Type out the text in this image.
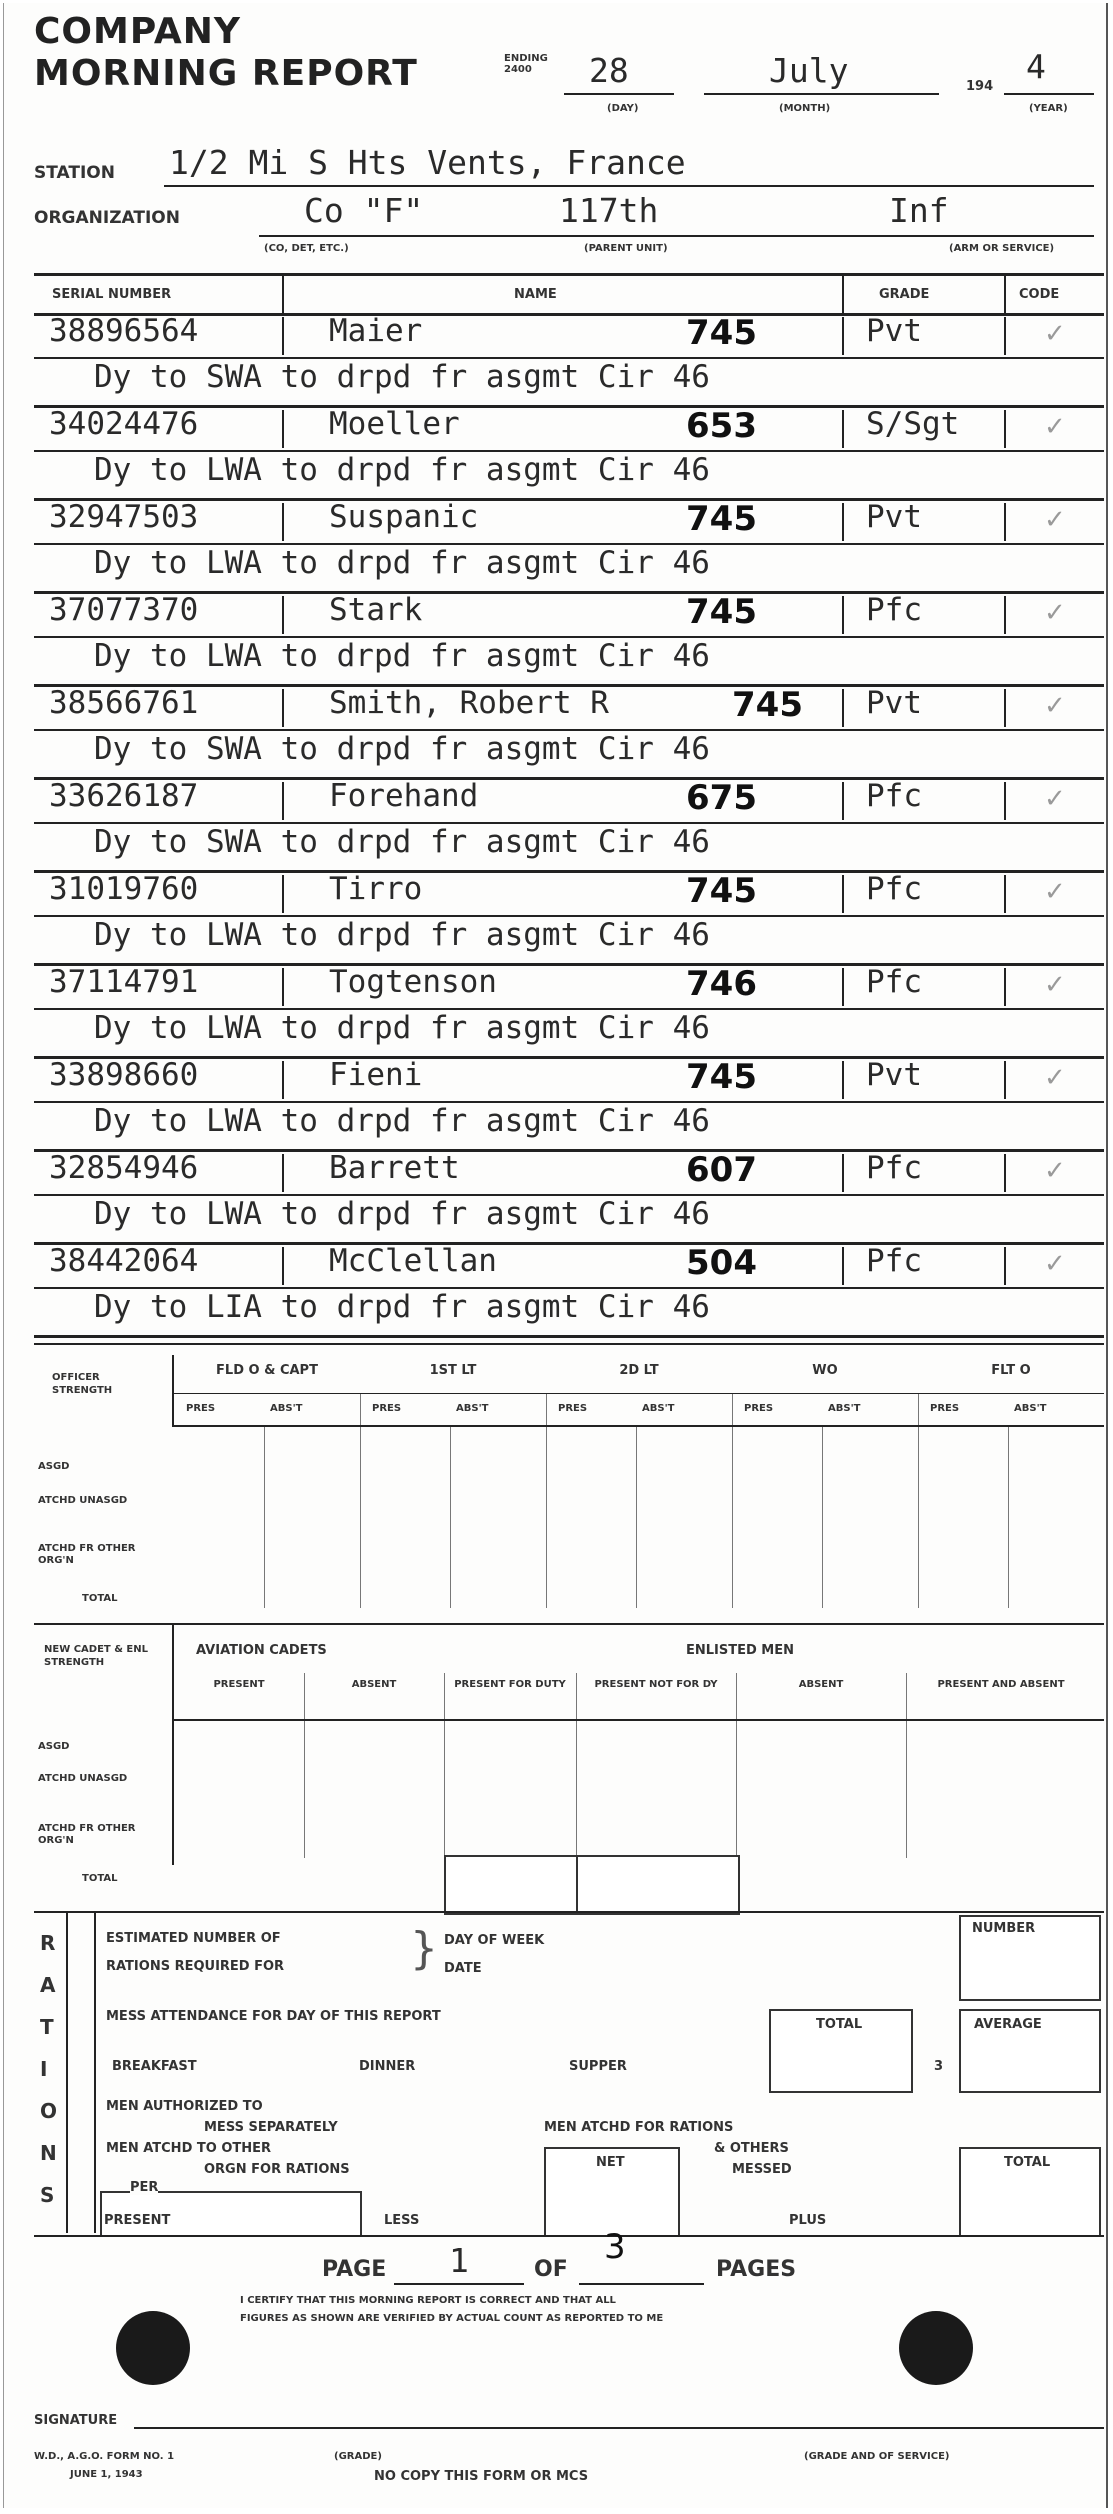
COMPANY
MORNING REPORT	ENDING 2400	28	July	194
4
(DAY)	(MONTH)	(YEAR)
STATION 1/2 Mi S Hts Vents, France
ORGANIZATION	Co "F"	117th	Inf
(CO, DET, ETC.)	(PARENT UNIT)	(ARM OR SERVICE)
SERIAL NUMBER	NAME	GRADE	CODE
38896564	Maier	745	Pvt	✓
Dy to SWA to drpd fr asgmt Cir 46
34024476	Moeller	653	S/Sgt	✓
Dy to LWA to drpd fr asgmt Cir 46
32947503	Suspanic	745	Pvt	✓
Dy to LWA to drpd fr asgmt Cir 46
37077370	Stark	745	Pfc	✓
Dy to LWA to drpd fr asgmt Cir 46
38566761	Smith, Robert R	745 Pvt	✓
Dy to SWA to drpd fr asgmt Cir 46
33626187	Forehand	675	Pfc	✓
Dy to SWA to drpd fr asgmt Cir 46
31019760	Tirro	745	Pfc	✓
Dy to LWA to drpd fr asgmt Cir 46
37114791	Togtenson	746	Pfc	✓
Dy to LWA to drpd fr asgmt Cir 46
33898660	Fieni	745	Pvt	✓
Dy to LWA to drpd fr asgmt Cir 46
32854946	Barrett	607	Pfc	✓
Dy to LWA to drpd fr asgmt Cir 46
38442064	McClellan	504	Pfc	✓
Dy to LIA to drpd fr asgmt Cir 46
OFFICER STRENGTH
FLD O & CAPT
PRES	ABS'T
1ST LT
PRES	ABS'T
2D LT
PRES	ABS'T
WO
PRES	ABS'T
FLT O
PRES	ABS'T
ASGD
ATCHD UNASGD
ATCHD FR OTHER ORG'N
TOTAL
NEW CADET & ENL STRENGTH
AVIATION CADETS	ENLISTED MEN
PRESENT	ABSENT	PRESENT FOR DUTY	PRESENT NOT FOR DY	ABSENT	PRESENT AND ABSENT
ASGD
ATCHD UNASGD
ATCHD FR OTHER ORG'N
TOTAL
R
A
T
I
O
N
S
ESTIMATED NUMBER OF
RATIONS REQUIRED FOR	} DAY OF WEEK
DATE
NUMBER
MESS ATTENDANCE FOR DAY OF THIS REPORT
BREAKFAST	DINNER	SUPPER
TOTAL
3
AVERAGE
MEN AUTHORIZED TO
MESS SEPARATELY
MEN ATCHD TO OTHER
ORGN FOR RATIONS
MEN ATCHD FOR RATIONS
& OTHERS
MESSED
PER
PRESENT	LESS
NET
PLUS
TOTAL
PAGE 1	OF
3
PAGES
I CERTIFY THAT THIS MORNING REPORT IS CORRECT AND THAT ALL
FIGURES AS SHOWN ARE VERIFIED BY ACTUAL COUNT AS REPORTED TO ME
SIGNATURE
W.D., A.G.O. FORM NO. 1
JUNE 1, 1943
(GRADE)
NO COPY THIS FORM OR MCS
(GRADE AND OF SERVICE)
